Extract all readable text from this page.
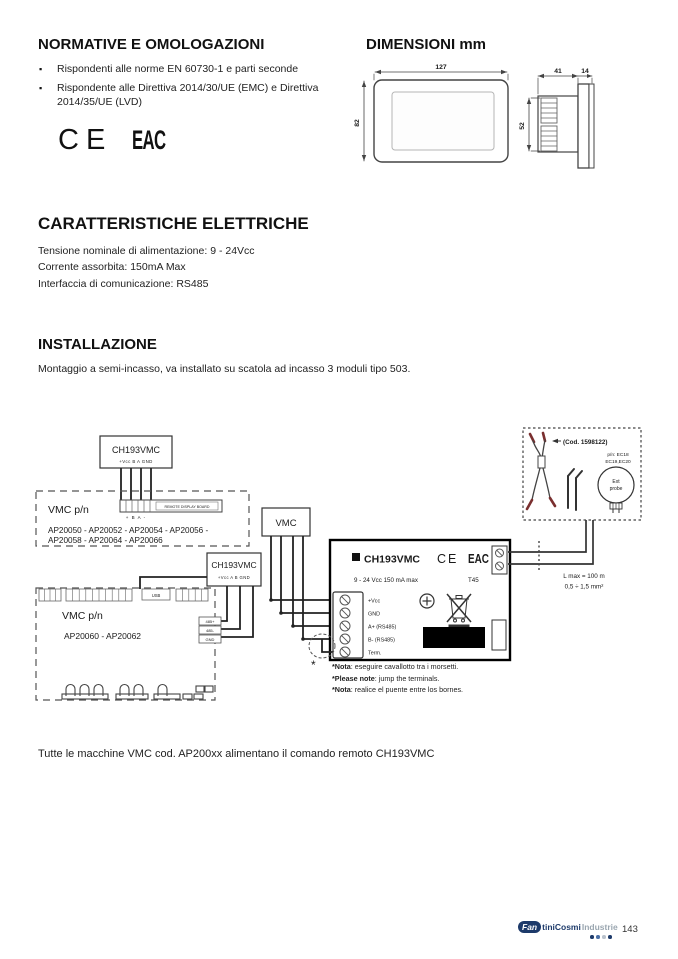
127
82
41	14
52
CH193VMC
+Vcc B A GND
VMC p/n	REMOTE DISPLAY BOARD
+ B A -
AP20050 - AP20052 - AP20054 - AP20056 -
AP20058 - AP20064 - AP20066
VMC
CH193VMC
+Vcc A B GND
USB
VMC p/n
AP20060 - AP20062
485+
485-
GND
CH193VMC CE EAC
9 - 24 Vcc 150 mA max	T45
+Vcc
GND
A+ (RS485)
B- (RS485)
Term.
*
(Cod. 1598122)
p/n: EC18
EC19,EC20
Ext
probe
L max = 100 m
0,5 ÷ 1,5 mm²
NORMATIVE E OMOLOGAZIONI
▪ Rispondenti alle norme EN 60730-1 e parti seconde
▪ Rispondente alle Direttiva 2014/30/UE (EMC) e Direttiva 2014/35/UE (LVD)
CE EAC
DIMENSIONI mm
CARATTERISTICHE ELETTRICHE
Tensione nominale di alimentazione: 9 - 24Vcc
Corrente assorbita: 150mA Max
Interfaccia di comunicazione: RS485
INSTALLAZIONE
Montaggio a semi-incasso, va installato su scatola ad incasso 3 moduli tipo 503.
*Nota: eseguire cavallotto tra i morsetti.
*Please note: jump the terminals.
*Nota: realice el puente entre los bornes.
Tutte le macchine VMC cod. AP200xx alimentano il comando remoto CH193VMC
Fan tiniCosmi Industrie 143
